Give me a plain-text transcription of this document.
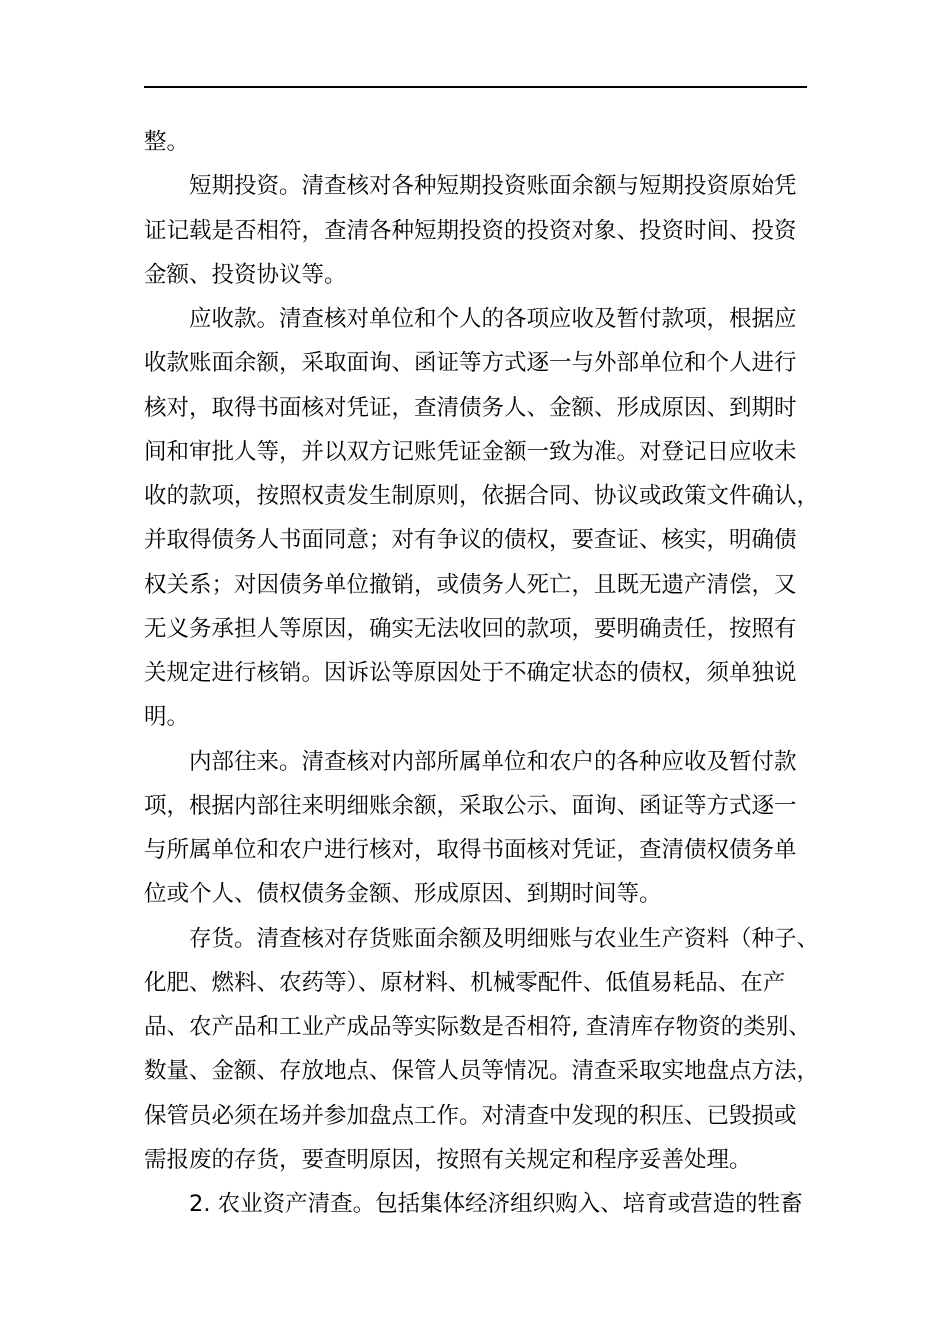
整。
短期投资。清查核对各种短期投资账面余额与短期投资原始凭
证记载是否相符，查清各种短期投资的投资对象、投资时间、投资
金额、投资协议等。
应收款。清查核对单位和个人的各项应收及暂付款项，根据应
收款账面余额，采取面询、函证等方式逐一与外部单位和个人进行
核对，取得书面核对凭证，查清债务人、金额、形成原因、到期时
间和审批人等，并以双方记账凭证金额一致为准。对登记日应收未
收的款项，按照权责发生制原则，依据合同、协议或政策文件确认，
并取得债务人书面同意；对有争议的债权，要查证、核实，明确债
权关系；对因债务单位撤销，或债务人死亡，且既无遗产清偿，又
无义务承担人等原因，确实无法收回的款项，要明确责任，按照有
关规定进行核销。因诉讼等原因处于不确定状态的债权，须单独说
明。
内部往来。清查核对内部所属单位和农户的各种应收及暂付款
项，根据内部往来明细账余额，采取公示、面询、函证等方式逐一
与所属单位和农户进行核对，取得书面核对凭证，查清债权债务单
位或个人、债权债务金额、形成原因、到期时间等。
存货。清查核对存货账面余额及明细账与农业生产资料（种子、
化肥、燃料、农药等）、原材料、机械零配件、低值易耗品、在产
品、农产品和工业产成品等实际数是否相符, 查清库存物资的类别、
数量、金额、存放地点、保管人员等情况。清查采取实地盘点方法，
保管员必须在场并参加盘点工作。对清查中发现的积压、已毁损或
需报废的存货，要查明原因，按照有关规定和程序妥善处理。
2. 农业资产清查。包括集体经济组织购入、培育或营造的牲畜
